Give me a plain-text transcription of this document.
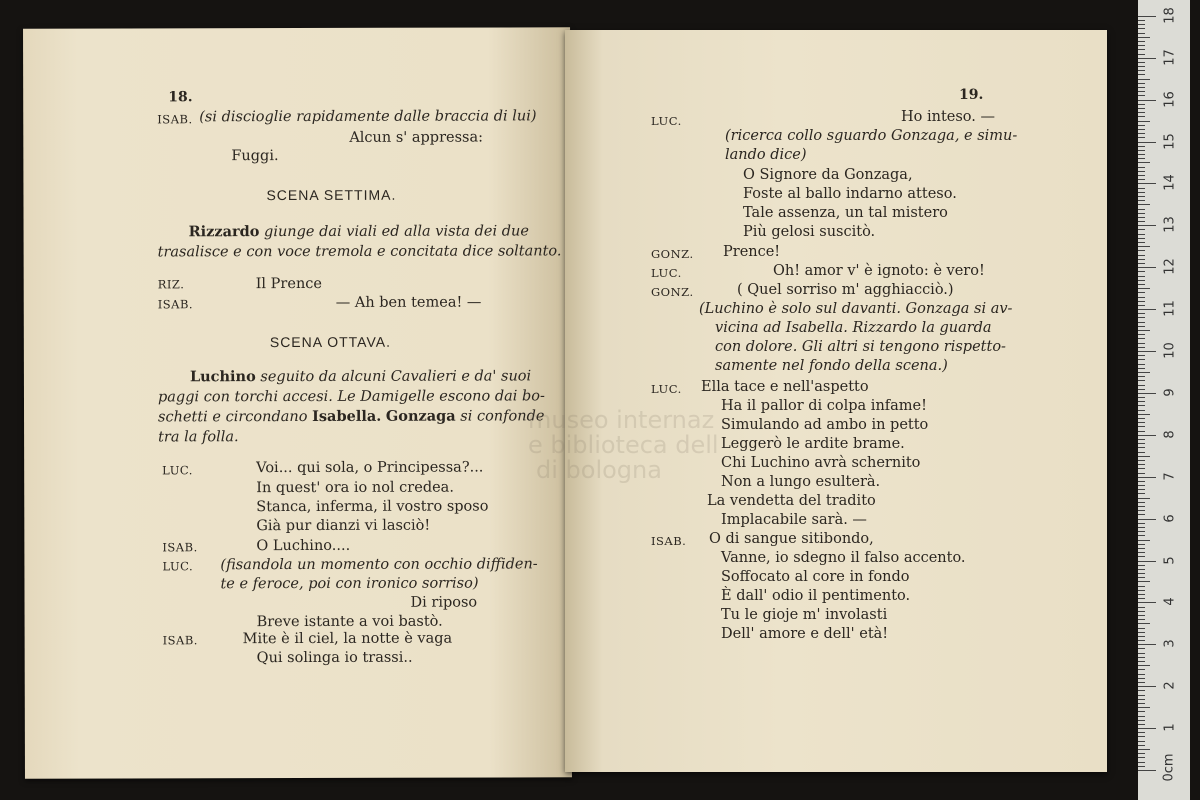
18.
ISAB. (si discioglie rapidamente dalle braccia di lui)
Alcun s' appressa:
Fuggi.
SCENA SETTIMA.
Rizzardo giunge dai viali ed alla vista dei due
trasalisce e con voce tremola e concitata dice soltanto.
RIZ.	Il Prence
ISAB.	— Ah ben temea! —
SCENA OTTAVA.
Luchino seguito da alcuni Cavalieri e da' suoi
paggi con torchi accesi. Le Damigelle escono dai bo-
schetti e circondano Isabella. Gonzaga si confonde
tra la folla.
LUC.	Voi... qui sola, o Principessa?...
In quest' ora io nol credea.
Stanca, inferma, il vostro sposo
Già pur dianzi vi lasciò!
ISAB.	O Luchino....
LUC. (fisandola un momento con occhio diffiden-
te e feroce, poi con ironico sorriso)
Di riposo
Breve istante a voi bastò.
ISAB.	Mite è il ciel, la notte è vaga
Qui solinga io trassi..
19.
LUC.	Ho inteso. —
(ricerca collo sguardo Gonzaga, e simu-
lando dice)
O Signore da Gonzaga,
Foste al ballo indarno atteso.
Tale assenza, un tal mistero
Più gelosi suscitò.
GONZ. Prence!
LUC.	Oh! amor v' è ignoto: è vero!
GONZ.	( Quel sorriso m' agghiacciò.)
(Luchino è solo sul davanti. Gonzaga si av-
vicina ad Isabella. Rizzardo la guarda
con dolore. Gli altri si tengono rispetto-
samente nel fondo della scena.)
LUC. Ella tace e nell'aspetto
Ha il pallor di colpa infame!
Simulando ad ambo in petto
Leggerò le ardite brame.
Chi Luchino avrà schernito
Non a lungo esulterà.
La vendetta del tradito
Implacabile sarà. —
ISAB. O di sangue sitibondo,
Vanne, io sdegno il falso accento.
Soffocato al core in fondo
È dall' odio il pentimento.
Tu le gioje m' involasti
Dell' amore e dell' età!
museo internaz
e biblioteca dell
di bologna
0cm
1
2
3
4
5
6
7
8
9
10
11
12
13
14
15
16
17
18
